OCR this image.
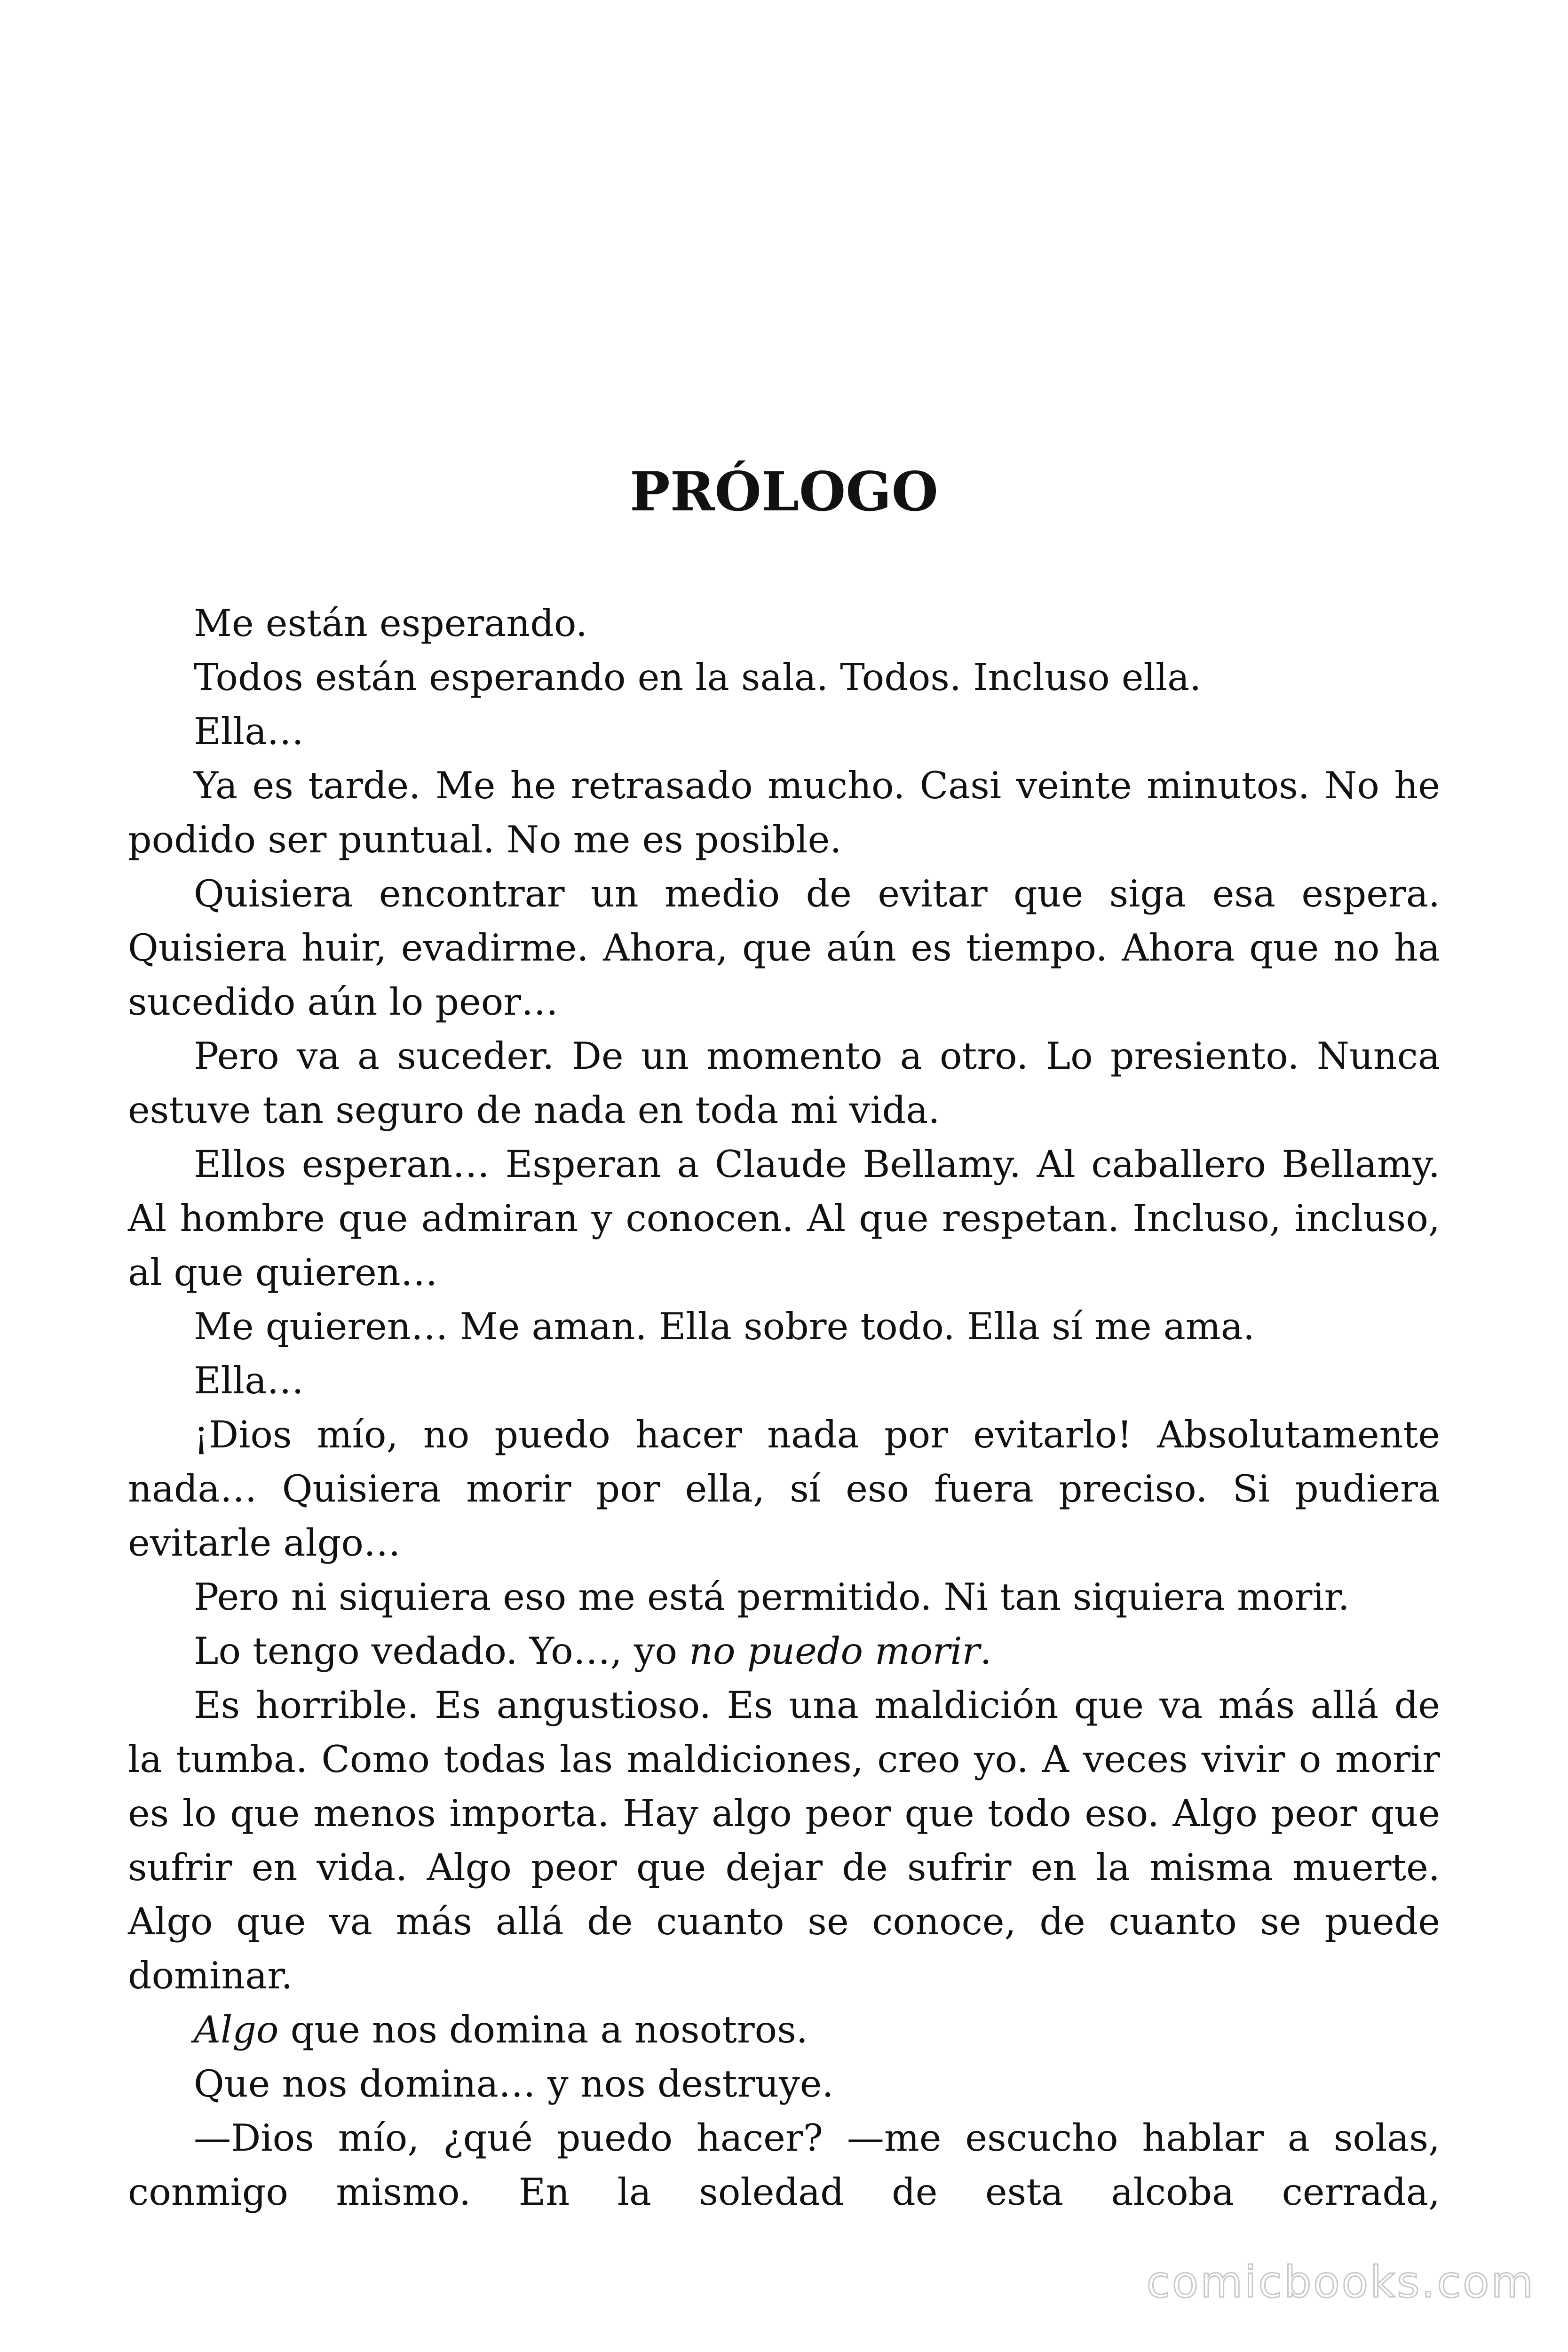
PRÓLOGO

Me están esperando.

Todos están esperando en la sala. Todos. Incluso ella.

Ella…

Ya es tarde. Me he retrasado mucho. Casi veinte minutos. No he podido ser puntual. No me es posible.

Quisiera encontrar un medio de evitar que siga esa espera. Quisiera huir, evadirme. Ahora, que aún es tiempo. Ahora que no ha sucedido aún lo peor…

Pero va a suceder. De un momento a otro. Lo presiento. Nunca estuve tan seguro de nada en toda mi vida.

Ellos esperan… Esperan a Claude Bellamy. Al caballero Bellamy. Al hombre que admiran y conocen. Al que respetan. Incluso, incluso, al que quieren…

Me quieren… Me aman. Ella sobre todo. Ella sí me ama.

Ella…

¡Dios mío, no puedo hacer nada por evitarlo! Absolutamente nada… Quisiera morir por ella, sí eso fuera preciso. Si pudiera evitarle algo…

Pero ni siquiera eso me está permitido. Ni tan siquiera morir.

Lo tengo vedado. Yo…, yo no puedo morir.

Es horrible. Es angustioso. Es una maldición que va más allá de la tumba. Como todas las maldiciones, creo yo. A veces vivir o morir es lo que menos importa. Hay algo peor que todo eso. Algo peor que sufrir en vida. Algo peor que dejar de sufrir en la misma muerte. Algo que va más allá de cuanto se conoce, de cuanto se puede dominar.

Algo que nos domina a nosotros.

Que nos domina… y nos destruye.

—Dios mío, ¿qué puedo hacer? —me escucho hablar a solas, conmigo mismo. En la soledad de esta alcoba cerrada,

comicbooks.com
